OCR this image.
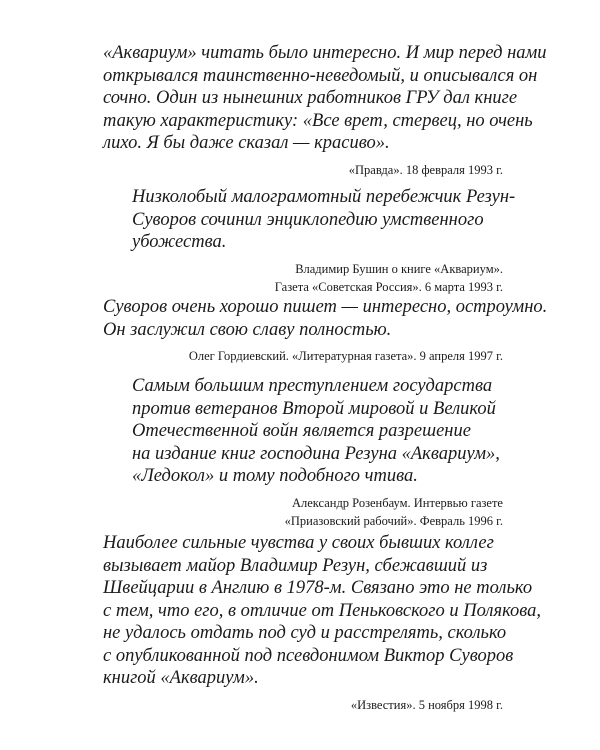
«Аквариум» читать было интересно. И мир перед нами
открывался таинственно-неведомый, и описывался он
сочно. Один из нынешних работников ГРУ дал книге
такую характеристику: «Все врет, стервец, но очень
лихо. Я бы даже сказал — красиво».
«Правда». 18 февраля 1993 г.
Низколобый малограмотный перебежчик Резун-
Суворов сочинил энциклопедию умственного
убожества.
Владимир Бушин о книге «Аквариум».
Газета «Советская Россия». 6 марта 1993 г.
Суворов очень хорошо пишет — интересно, остроумно.
Он заслужил свою славу полностью.
Олег Гордиевский. «Литературная газета». 9 апреля 1997 г.
Самым большим преступлением государства
против ветеранов Второй мировой и Великой
Отечественной войн является разрешение
на издание книг господина Резуна «Аквариум»,
«Ледокол» и тому подобного чтива.
Александр Розенбаум. Интервью газете
«Приазовский рабочий». Февраль 1996 г.
Наиболее сильные чувства у своих бывших коллег
вызывает майор Владимир Резун, сбежавший из
Швейцарии в Англию в 1978-м. Связано это не только
с тем, что его, в отличие от Пеньковского и Полякова,
не удалось отдать под суд и расстрелять, сколько
с опубликованной под псевдонимом Виктор Суворов
книгой «Аквариум».
«Известия». 5 ноября 1998 г.
